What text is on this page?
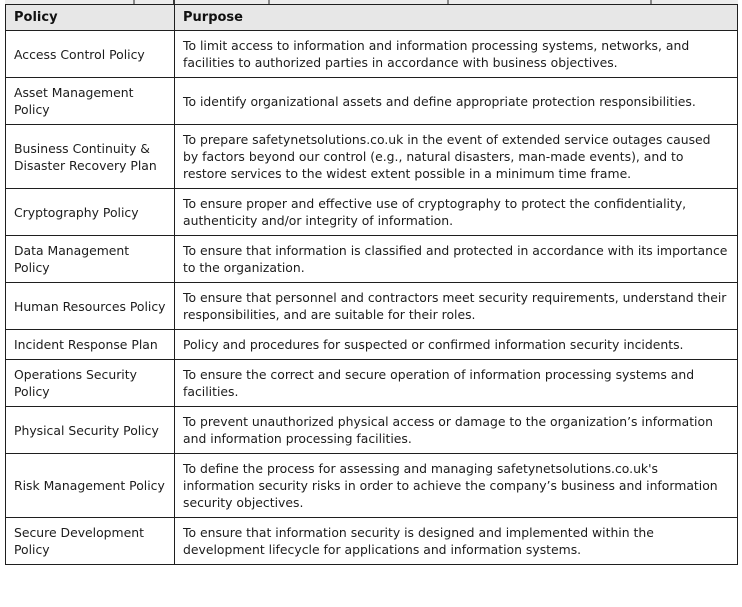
Policy	Purpose
Access Control Policy	To limit access to information and information processing systems, networks, and facilities to authorized parties in accordance with business objectives.
Asset Management Policy	To identify organizational assets and define appropriate protection responsibilities.
Business Continuity & Disaster Recovery Plan	To prepare safetynetsolutions.co.uk in the event of extended service outages caused by factors beyond our control (e.g., natural disasters, man-made events), and to restore services to the widest extent possible in a minimum time frame.
Cryptography Policy	To ensure proper and effective use of cryptography to protect the confidentiality, authenticity and/or integrity of information.
Data Management Policy	To ensure that information is classified and protected in accordance with its importance to the organization.
Human Resources Policy	To ensure that personnel and contractors meet security requirements, understand their responsibilities, and are suitable for their roles.
Incident Response Plan	Policy and procedures for suspected or confirmed information security incidents.
Operations Security Policy	To ensure the correct and secure operation of information processing systems and facilities.
Physical Security Policy	To prevent unauthorized physical access or damage to the organization’s information and information processing facilities.
Risk Management Policy	To define the process for assessing and managing safetynetsolutions.co.uk's information security risks in order to achieve the company’s business and information security objectives.
Secure Development Policy	To ensure that information security is designed and implemented within the development lifecycle for applications and information systems.
